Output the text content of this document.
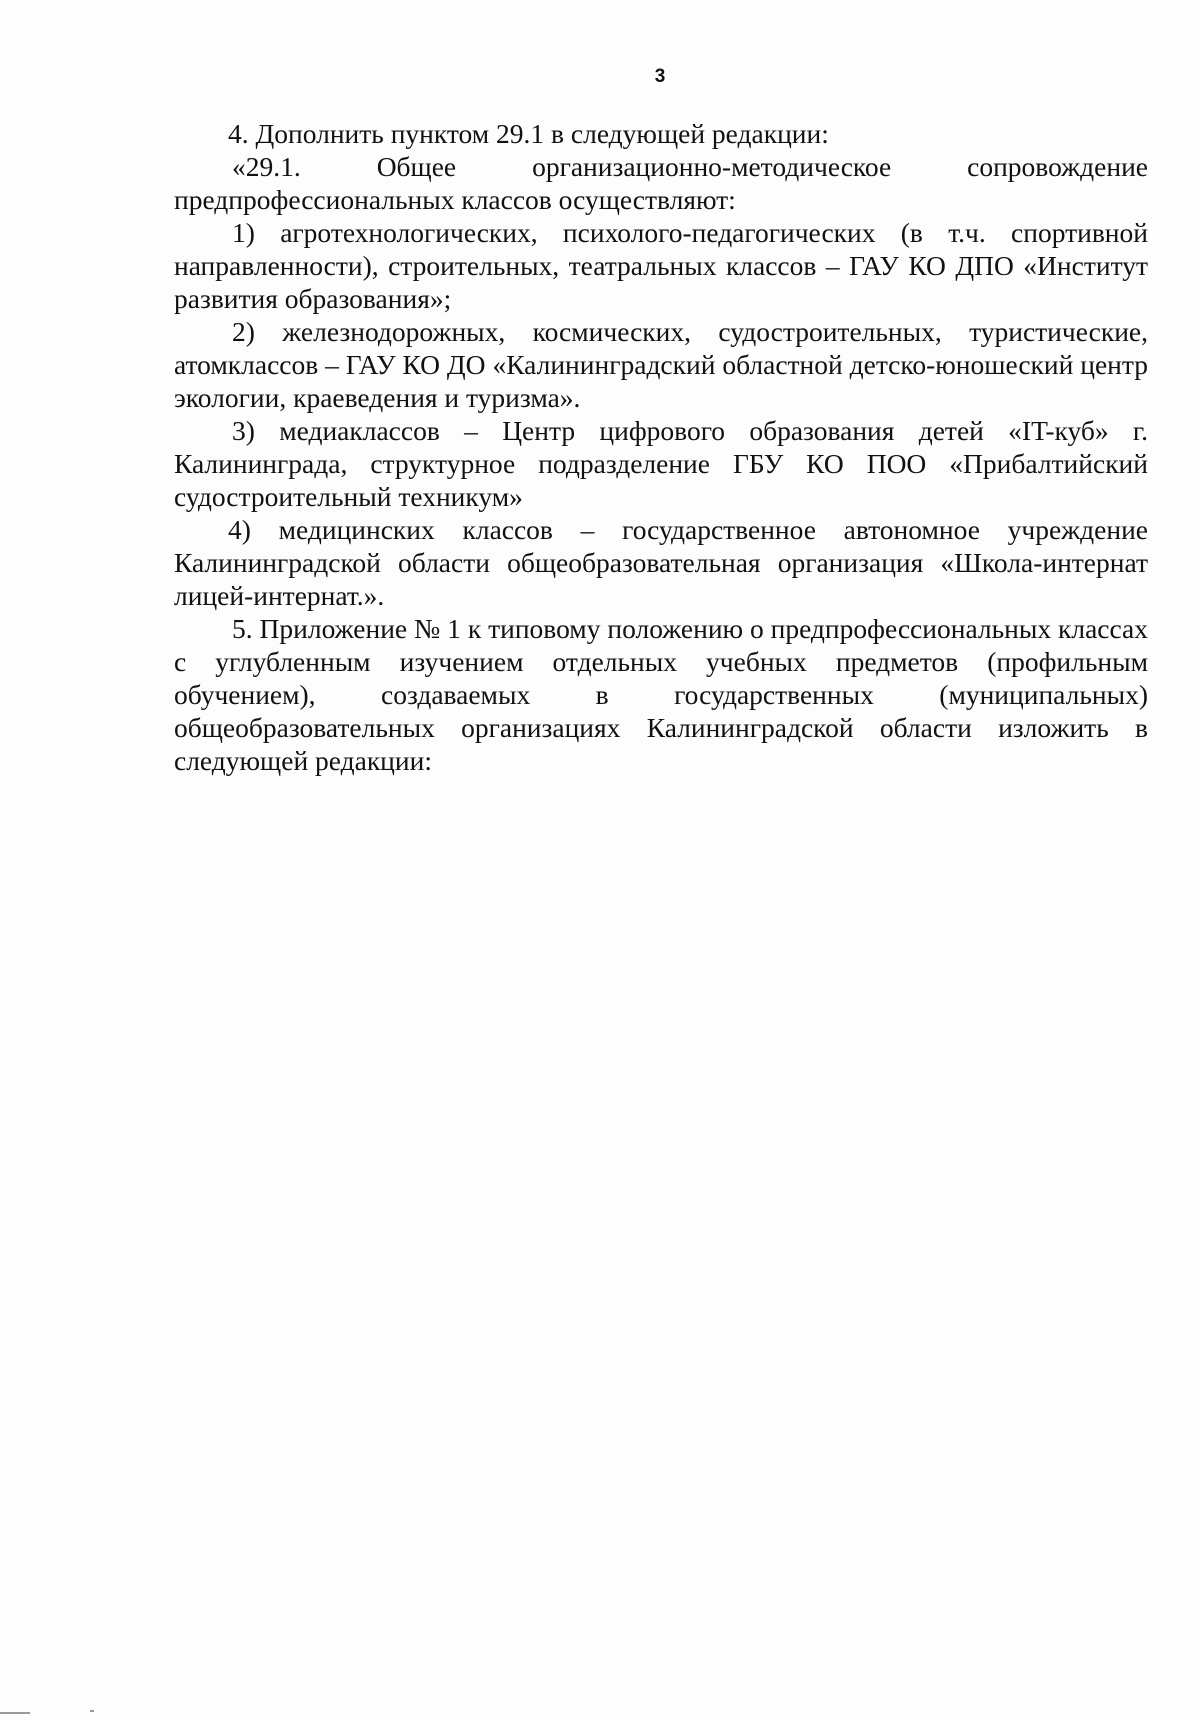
3

4. Дополнить пунктом 29.1 в следующей редакции:

«29.1. Общее организационно-методическое сопровождение предпрофессиональных классов осуществляют:

1) агротехнологических, психолого-педагогических (в т.ч. спортивной направленности), строительных, театральных классов – ГАУ КО ДПО «Институт развития образования»;

2) железнодорожных, космических, судостроительных, туристические, атомклассов – ГАУ КО ДО «Калининградский областной детско-юношеский центр экологии, краеведения и туризма».

3) медиаклассов – Центр цифрового образования детей «IT-куб» г. Калининграда, структурное подразделение ГБУ КО ПОО «Прибалтийский судостроительный техникум»

4) медицинских классов – государственное автономное учреждение Калининградской области общеобразовательная организация «Школа-интернат лицей-интернат.».

5. Приложение № 1 к типовому положению о предпрофессиональных классах с углубленным изучением отдельных учебных предметов (профильным обучением), создаваемых в государственных (муниципальных) общеобразовательных организациях Калининградской области изложить в следующей редакции:
